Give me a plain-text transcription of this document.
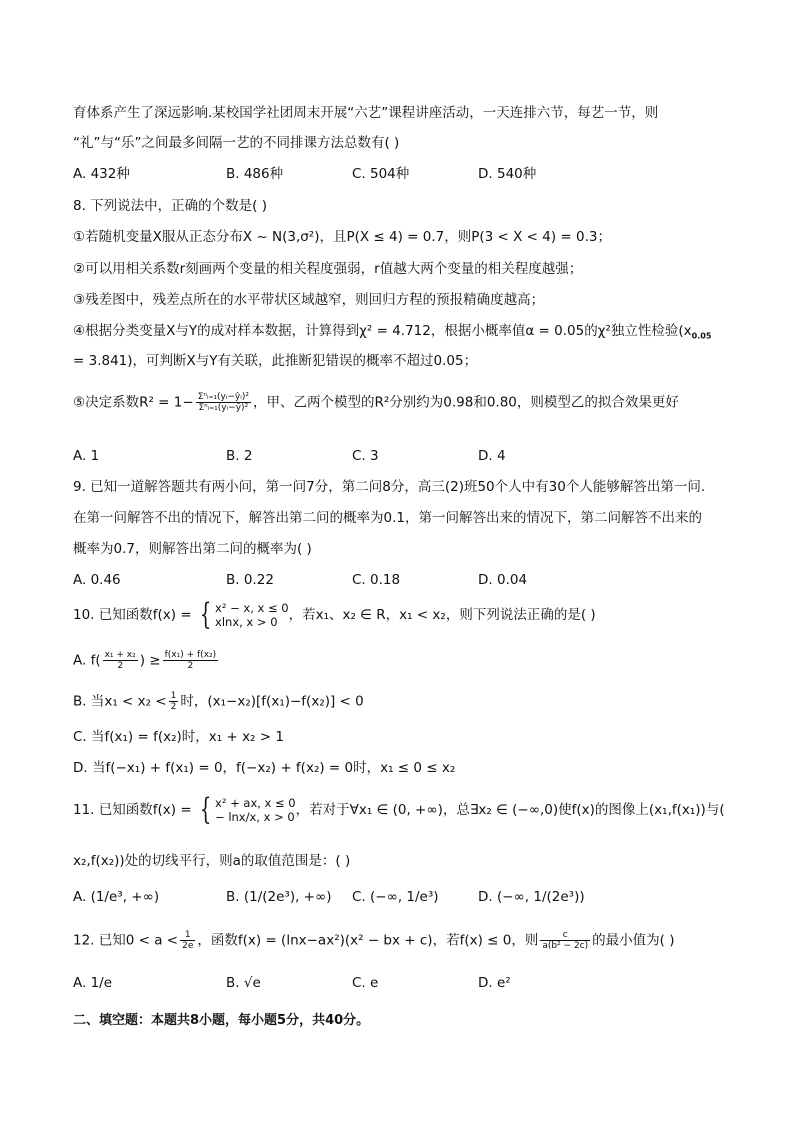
育体系产生了深远影响.某校国学社团周末开展“六艺”课程讲座活动，一天连排六节，每艺一节，则
“礼”与“乐”之间最多间隔一艺的不同排课方法总数有( )
A. 432种	B. 486种	C. 504种	D. 540种
8. 下列说法中，正确的个数是( )
①若随机变量X服从正态分布X ~ N(3,σ²)，且P(X ≤ 4) = 0.7，则P(3 < X < 4) = 0.3；
②可以用相关系数r刻画两个变量的相关程度强弱，r值越大两个变量的相关程度越强；
③残差图中，残差点所在的水平带状区域越窄，则回归方程的预报精确度越高；
④根据分类变量X与Y的成对样本数据，计算得到χ² = 4.712，根据小概率值α = 0.05的χ²独立性检验($x_{0.05}$
= 3.841)，可判断X与Y有关联，此推断犯错误的概率不超过0.05；
⑤决定系数$R^2 = 1- \frac{\text{Σⁿᵢ₌₁(yᵢ−ŷᵢ)²}}{\text{Σⁿᵢ₌₁(yᵢ−ȳ)²}}$ ，甲、乙两个模型的R²分别约为0.98和0.80，则模型乙的拟合效果更好
A. 1	B. 2	C. 3	D. 4
9. 已知一道解答题共有两小问，第一问7分，第二问8分，高三(2)班50个人中有30个人能够解答出第一问.
在第一问解答不出的情况下，解答出第二问的概率为0.1，第一问解答出来的情况下，第二问解答不出来的
概率为0.7，则解答出第二问的概率为( )
A. 0.46	B. 0.22	C. 0.18	D. 0.04
10. 已知函数f(x) = { x² − x, x ≤ 0
xlnx, x > 0 ，若x₁、x₂ ∈ R，x₁ < x₂，则下列说法正确的是( )
A. $f( \frac{\text{x₁ + x₂}}{2}$ ) ≥ $\frac{\text{f(x₁) + f(x₂)}}{2}$
B. 当$x_1 < x_2 < \frac{1}{2}$ 时，(x₁−x₂)[f(x₁)−f(x₂)] < 0
C. 当f(x₁) = f(x₂)时，x₁ + x₂ > 1
D. 当f(−x₁) + f(x₁) = 0，f(−x₂) + f(x₂) = 0时，x₁ ≤ 0 ≤ x₂
11. 已知函数f(x) = { x² + ax, x ≤ 0
− lnx/x, x > 0 ，若对于∀x₁ ∈ (0, +∞)，总∃x₂ ∈ (−∞,0)使f(x)的图像上(x₁,f(x₁))与(
x₂,f(x₂))处的切线平行，则a的取值范围是：( )
A. (1/e³, +∞)	B. (1/(2e³), +∞) C. (−∞, 1/e³)	D. (−∞, 1/(2e³))
12. 已知$0 < a < \frac{1}{2e}$ ，函数f(x) = (lnx−ax²)(x² − bx + c)，若f(x) ≤ 0，则 $\frac{c}{\text{a(b² − 2c)}}$ 的最小值为( )
A. 1/e	B. √e	C. e	D. e²
二、填空题：本题共8小题，每小题5分，共40分。
